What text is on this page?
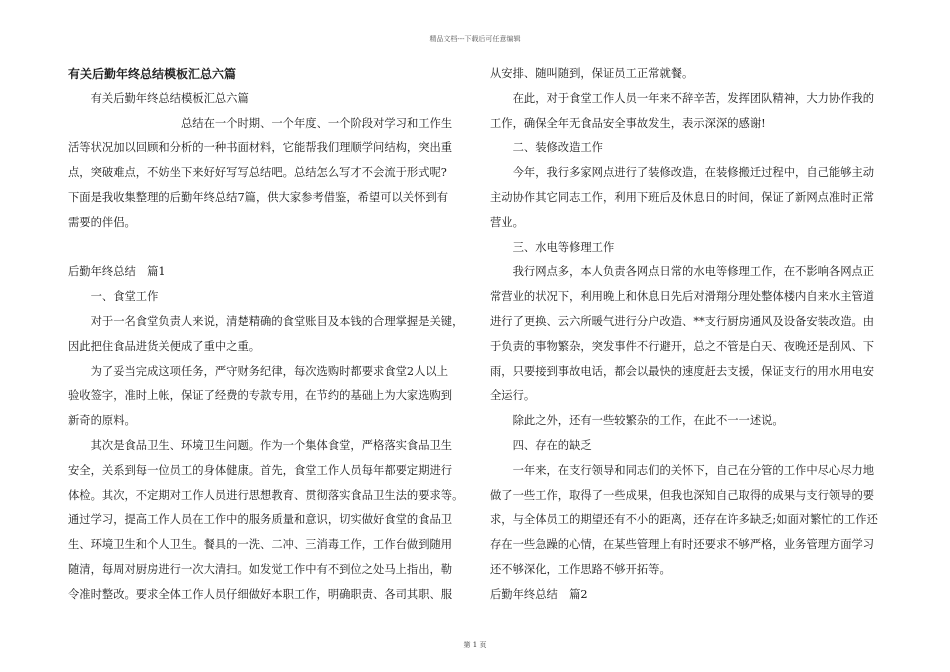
精品文档---下载后可任意编辑
有关后勤年终总结模板汇总六篇
有关后勤年终总结模板汇总六篇
总结在一个时期、一个年度、一个阶段对学习和工作生
活等状况加以回顾和分析的一种书面材料，它能帮我们理顺学问结构，突出重
点，突破难点，不妨坐下来好好写写总结吧。总结怎么写才不会流于形式呢?
下面是我收集整理的后勤年终总结7篇，供大家参考借鉴，希望可以关怀到有
需要的伴侣。
后勤年终总结　篇1
一、食堂工作
对于一名食堂负责人来说，清楚精确的食堂账目及本钱的合理掌握是关键，
因此把住食品进货关便成了重中之重。
为了妥当完成这项任务，严守财务纪律，每次选购时都要求食堂2人以上
验收签字，准时上帐，保证了经费的专款专用，在节约的基础上为大家选购到
新奇的原料。
其次是食品卫生、环境卫生问题。作为一个集体食堂，严格落实食品卫生
安全，关系到每一位员工的身体健康。首先，食堂工作人员每年都要定期进行
体检。其次，不定期对工作人员进行思想教育、贯彻落实食品卫生法的要求等。
通过学习，提高工作人员在工作中的服务质量和意识，切实做好食堂的食品卫
生、环境卫生和个人卫生。餐具的一洗、二冲、三消毒工作，工作台做到随用
随清，每周对厨房进行一次大清扫。如发觉工作中有不到位之处马上指出，勒
令准时整改。要求全体工作人员仔细做好本职工作，明确职责、各司其职、服
从安排、随叫随到，保证员工正常就餐。
在此，对于食堂工作人员一年来不辞辛苦，发挥团队精神，大力协作我的
工作，确保全年无食品安全事故发生，表示深深的感谢!
二、装修改造工作
今年，我行多家网点进行了装修改造，在装修搬迁过程中，自己能够主动
主动协作其它同志工作，利用下班后及休息日的时间，保证了新网点准时正常
营业。
三、水电等修理工作
我行网点多，本人负责各网点日常的水电等修理工作，在不影响各网点正
常营业的状况下，利用晚上和休息日先后对滑翔分理处整体楼内自来水主管道
进行了更换、云六所暖气进行分户改造、**支行厨房通风及设备安装改造。由
于负责的事物繁杂，突发事件不行避开，总之不管是白天、夜晚还是刮风、下
雨，只要接到事故电话，都会以最快的速度赶去支援，保证支行的用水用电安
全运行。
除此之外，还有一些较繁杂的工作，在此不一一述说。
四、存在的缺乏
一年来，在支行领导和同志们的关怀下，自己在分管的工作中尽心尽力地
做了一些工作，取得了一些成果，但我也深知自己取得的成果与支行领导的要
求，与全体员工的期望还有不小的距离，还存在许多缺乏;如面对繁忙的工作还
存在一些急躁的心情，在某些管理上有时还要求不够严格，业务管理方面学习
还不够深化，工作思路不够开拓等。
后勤年终总结　篇2
第 1 页
